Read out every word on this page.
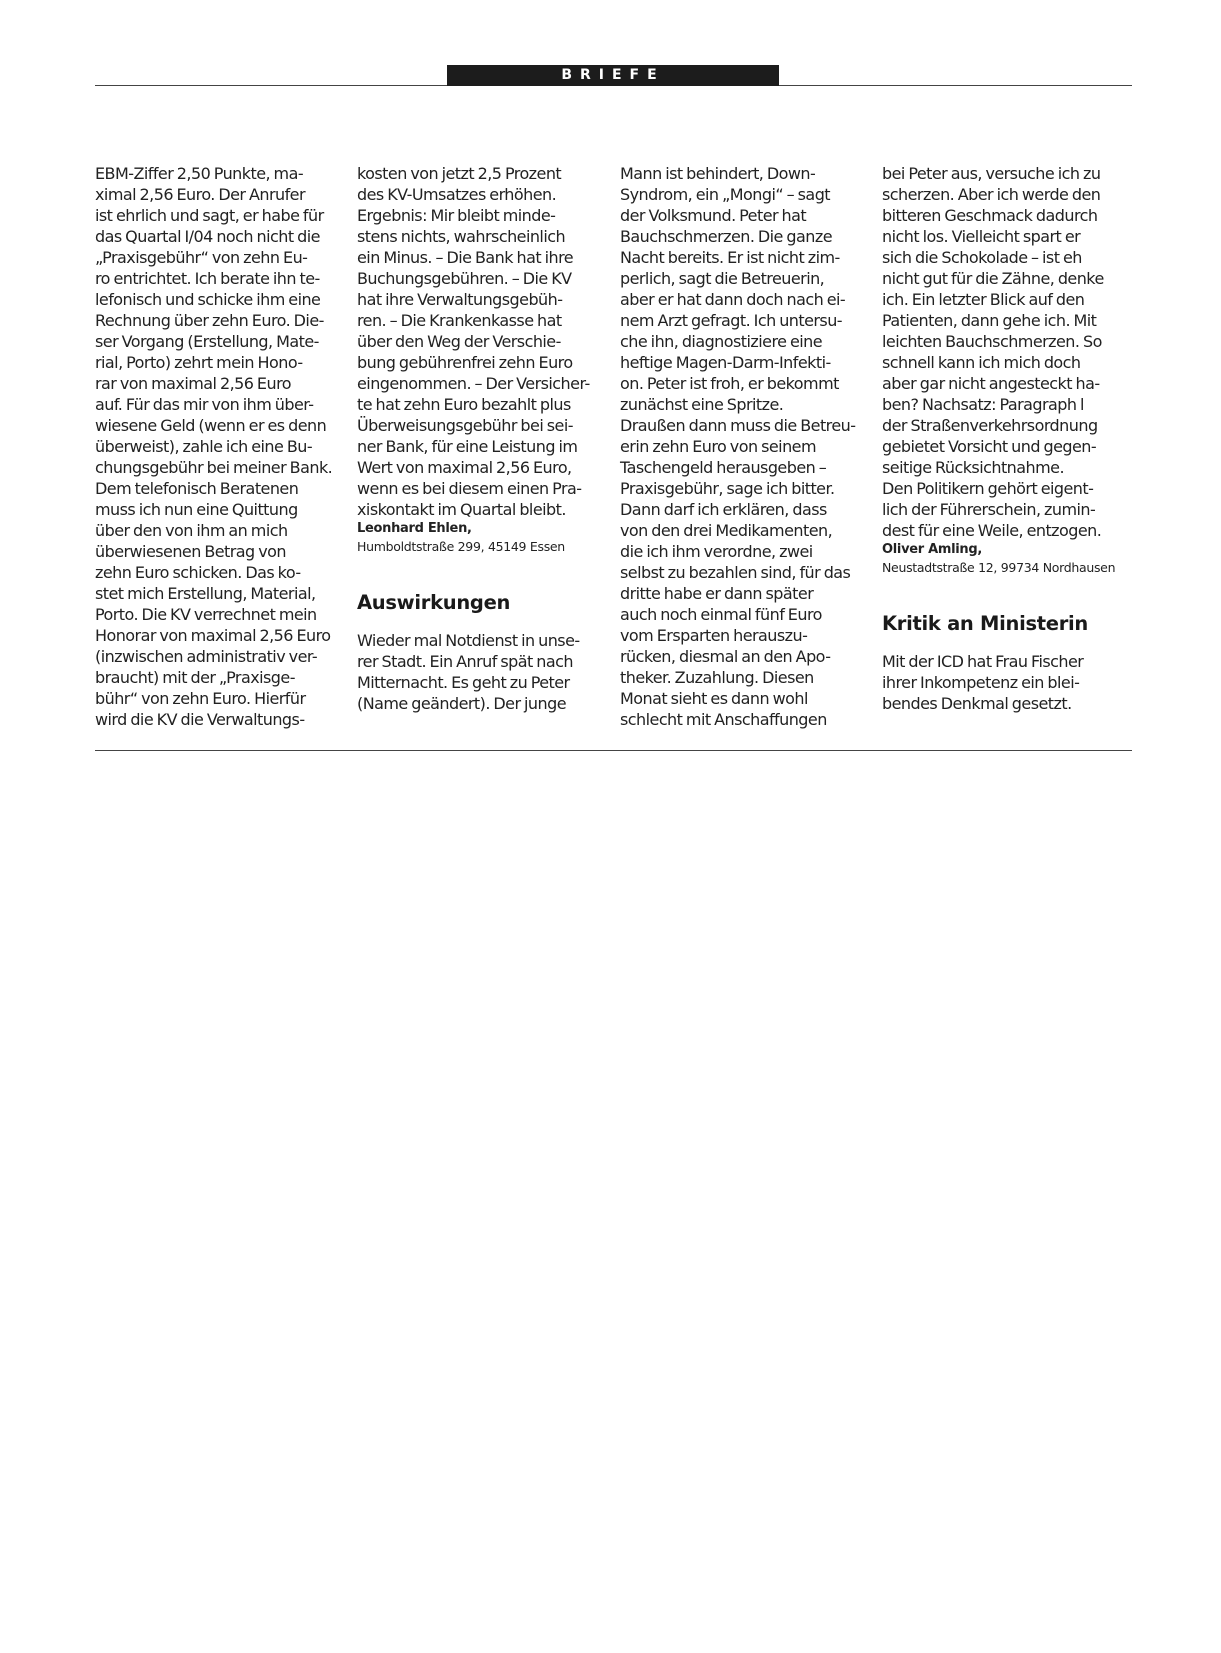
BRIEFE
EBM-Ziffer 2,50 Punkte, ma-
ximal 2,56 Euro. Der Anrufer
ist ehrlich und sagt, er habe für
das Quartal I/04 noch nicht die
„Praxisgebühr“ von zehn Eu-
ro entrichtet. Ich berate ihn te-
lefonisch und schicke ihm eine
Rechnung über zehn Euro. Die-
ser Vorgang (Erstellung, Mate-
rial, Porto) zehrt mein Hono-
rar von maximal 2,56 Euro
auf. Für das mir von ihm über-
wiesene Geld (wenn er es denn
überweist), zahle ich eine Bu-
chungsgebühr bei meiner Bank.
Dem telefonisch Beratenen
muss ich nun eine Quittung
über den von ihm an mich
überwiesenen Betrag von
zehn Euro schicken. Das ko-
stet mich Erstellung, Material,
Porto. Die KV verrechnet mein
Honorar von maximal 2,56 Euro
(inzwischen administrativ ver-
braucht) mit der „Praxisge-
bühr“ von zehn Euro. Hierfür
wird die KV die Verwaltungs-
kosten von jetzt 2,5 Prozent
des KV-Umsatzes erhöhen.
Ergebnis: Mir bleibt minde-
stens nichts, wahrscheinlich
ein Minus. – Die Bank hat ihre
Buchungsgebühren. – Die KV
hat ihre Verwaltungsgebüh-
ren. – Die Krankenkasse hat
über den Weg der Verschie-
bung gebührenfrei zehn Euro
eingenommen. – Der Versicher-
te hat zehn Euro bezahlt plus
Überweisungsgebühr bei sei-
ner Bank, für eine Leistung im
Wert von maximal 2,56 Euro,
wenn es bei diesem einen Pra-
xiskontakt im Quartal bleibt.
Leonhard Ehlen,
Humboldtstraße 299, 45149 Essen
Auswirkungen
Wieder mal Notdienst in unse-
rer Stadt. Ein Anruf spät nach
Mitternacht. Es geht zu Peter
(Name geändert). Der junge
Mann ist behindert, Down-
Syndrom, ein „Mongi“ – sagt
der Volksmund. Peter hat
Bauchschmerzen. Die ganze
Nacht bereits. Er ist nicht zim-
perlich, sagt die Betreuerin,
aber er hat dann doch nach ei-
nem Arzt gefragt. Ich untersu-
che ihn, diagnostiziere eine
heftige Magen-Darm-Infekti-
on. Peter ist froh, er bekommt
zunächst eine Spritze.
Draußen dann muss die Betreu-
erin zehn Euro von seinem
Taschengeld herausgeben –
Praxisgebühr, sage ich bitter.
Dann darf ich erklären, dass
von den drei Medikamenten,
die ich ihm verordne, zwei
selbst zu bezahlen sind, für das
dritte habe er dann später
auch noch einmal fünf Euro
vom Ersparten herauszu-
rücken, diesmal an den Apo-
theker. Zuzahlung. Diesen
Monat sieht es dann wohl
schlecht mit Anschaffungen
bei Peter aus, versuche ich zu
scherzen. Aber ich werde den
bitteren Geschmack dadurch
nicht los. Vielleicht spart er
sich die Schokolade – ist eh
nicht gut für die Zähne, denke
ich. Ein letzter Blick auf den
Patienten, dann gehe ich. Mit
leichten Bauchschmerzen. So
schnell kann ich mich doch
aber gar nicht angesteckt ha-
ben? Nachsatz: Paragraph l
der Straßenverkehrsordnung
gebietet Vorsicht und gegen-
seitige Rücksichtnahme.
Den Politikern gehört eigent-
lich der Führerschein, zumin-
dest für eine Weile, entzogen.
Oliver Amling,
Neustadtstraße 12, 99734 Nordhausen
Kritik an Ministerin
Mit der ICD hat Frau Fischer
ihrer Inkompetenz ein blei-
bendes Denkmal gesetzt.
